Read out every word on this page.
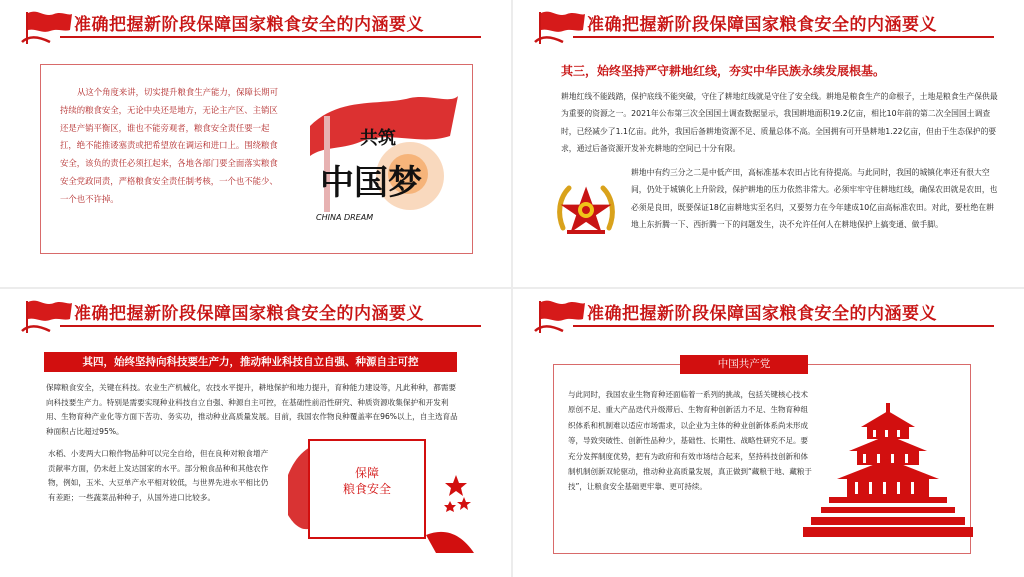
准确把握新阶段保障国家粮食安全的内涵要义
从这个角度来讲，切实提升粮食生产能力，保障长期可持续的粮食安全，无论中央还是地方，无论主产区、主销区还是产销平衡区，谁也不能旁观者，粮食安全责任要一起扛，绝不能推诿塞责或把希望放在调运和进口上。围绕粮食安全，该负的责任必须扛起来，各地各部门要全面落实粮食安全党政同责，严格粮食安全责任制考核，一个也不能少、一个也不许掉。
共筑
中国梦
CHINA DREAM
准确把握新阶段保障国家粮食安全的内涵要义
其三，始终坚持严守耕地红线，夯实中华民族永续发展根基。
耕地红线不能践踏，保护底线不能突破，守住了耕地红线就是守住了安全线。耕地是粮食生产的命根子，土地是粮食生产保供最为重要的资源之一。2021年公布第三次全国国土调查数据显示，我国耕地面积19.2亿亩，相比10年前的第二次全国国土调查时，已经减少了1.1亿亩。此外，我国后备耕地资源不足、质量总体不高。全国拥有可开垦耕地1.22亿亩，但由于生态保护的要求，通过后备资源开发补充耕地的空间已十分有限。
耕地中有约三分之二是中低产田，高标准基本农田占比有待提高。与此同时，我国的城镇化率还有很大空间，仍处于城镇化上升阶段，保护耕地的压力依然非常大。必须牢牢守住耕地红线，确保农田就是农田，也必须是良田，既要保证18亿亩耕地实至名归，又要努力在今年建成10亿亩高标准农田。对此，要杜绝在耕地上东折腾一下、西折腾一下的问题发生，决不允许任何人在耕地保护上搞变通、做手脚。
准确把握新阶段保障国家粮食安全的内涵要义
其四，始终坚持向科技要生产力，推动种业科技自立自强、种源自主可控
保障粮食安全，关键在科技。农业生产机械化，农技水平提升，耕地保护和地力提升，育种能力建设等，凡此种种，都需要向科技要生产力。特别是需要实现种业科技自立自强、种源自主可控，在基础性前沿性研究、种质资源收集保护和开发利用、生物育种产业化等方面下苦功、务实功，推动种业高质量发展。目前，我国农作物良种覆盖率在96%以上，自主选育品种面积占比超过95%。
水稻、小麦两大口粮作物品种可以完全自给，但在良种对粮食增产贡献率方面，仍未赶上发达国家的水平。部分粮食品种和其他农作物，例如，玉米、大豆单产水平相对较低，与世界先进水平相比仍有差距；一些蔬菜品种种子，从国外进口比较多。
保障
粮食安全
准确把握新阶段保障国家粮食安全的内涵要义
中国共产党
与此同时，我国农业生物育种还面临着一系列的挑战，包括关键核心技术原创不足、重大产品迭代升级滞后、生物育种创新活力不足、生物育种组织体系和机制难以适应市场需求，以企业为主体的种业创新体系尚未形成等，导致突破性、创新性品种少，基础性、长期性、战略性研究不足。要充分发挥制度优势，把有为政府和有效市场结合起来，坚持科技创新和体制机制创新双轮驱动，推动种业高质量发展，真正做到“藏粮于地、藏粮于技”，让粮食安全基础更牢靠、更可持续。
